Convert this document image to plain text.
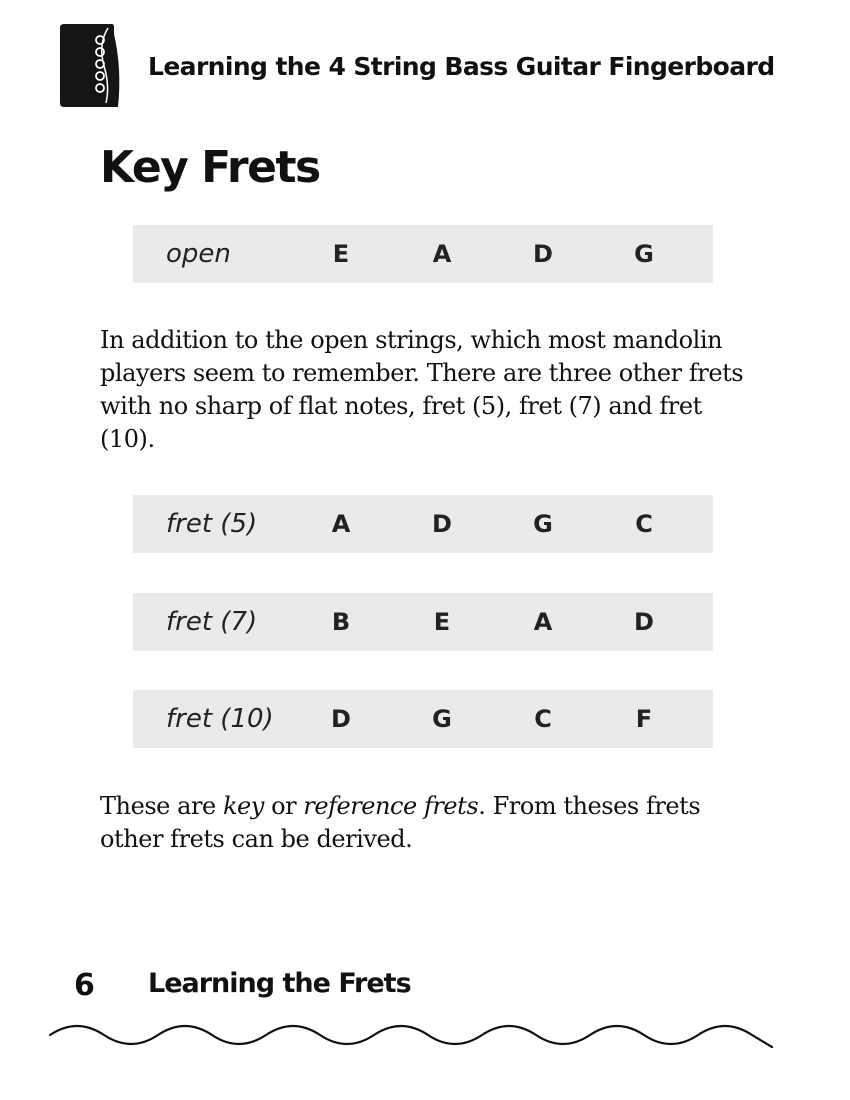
Learning the 4 String Bass Guitar Fingerboard
Key Frets
open	E	A	D	G

In addition to the open strings, which most mandolin players seem to remember. There are three other frets with no sharp of flat notes, fret (5), fret (7) and fret (10).

fret (5)	A	D	G	C
fret (7)	B	E	A	D
fret (10)	D	G	C	F

These are key or reference frets. From theses frets other frets can be derived.

6 Learning the Frets
